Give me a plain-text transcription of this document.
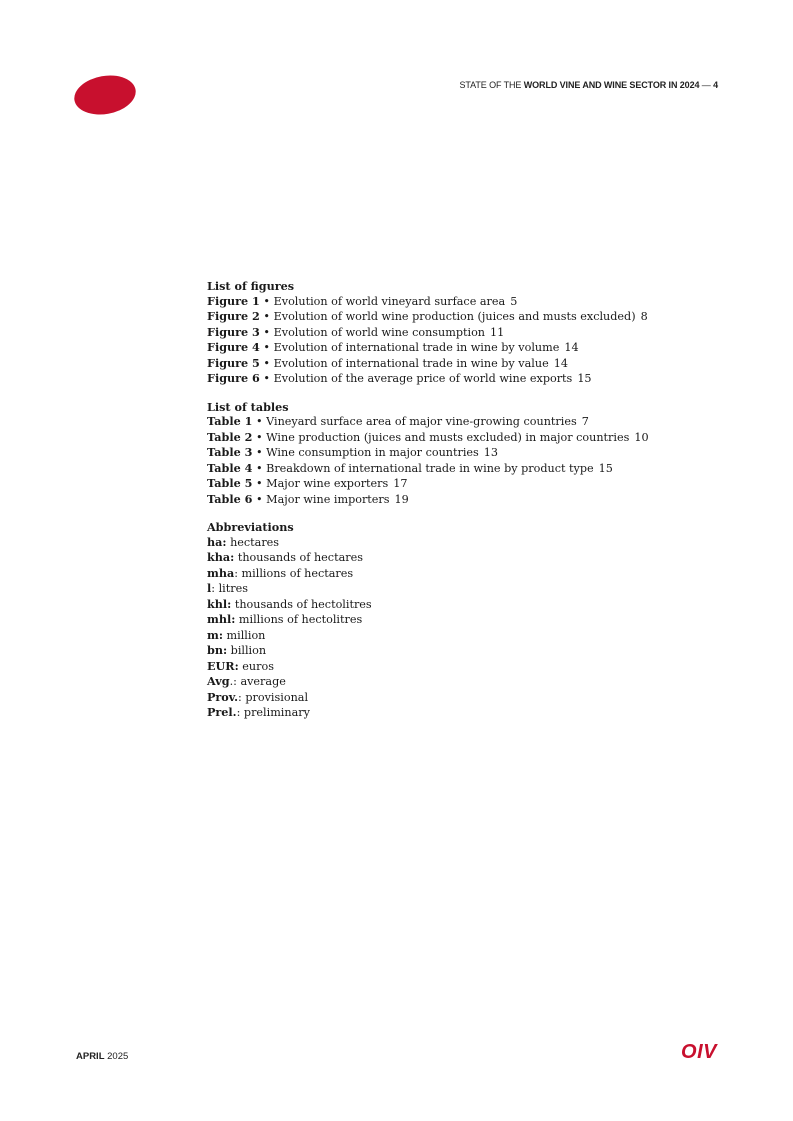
STATE OF THE WORLD VINE AND WINE SECTOR IN 2024 — 4
List of figures
Figure 1 • Evolution of world vineyard surface area 5
Figure 2 • Evolution of world wine production (juices and musts excluded) 8
Figure 3 • Evolution of world wine consumption 11
Figure 4 • Evolution of international trade in wine by volume 14
Figure 5 • Evolution of international trade in wine by value 14
Figure 6 • Evolution of the average price of world wine exports 15
List of tables
Table 1 • Vineyard surface area of major vine-growing countries 7
Table 2 • Wine production (juices and musts excluded) in major countries 10
Table 3 • Wine consumption in major countries 13
Table 4 • Breakdown of international trade in wine by product type 15
Table 5 • Major wine exporters 17
Table 6 • Major wine importers 19
Abbreviations
ha: hectares
kha: thousands of hectares
mha: millions of hectares
l: litres
khl: thousands of hectolitres
mhl: millions of hectolitres
m: million
bn: billion
EUR: euros
Avg.: average
Prov.: provisional
Prel.: preliminary
APRIL 2025	OIV
